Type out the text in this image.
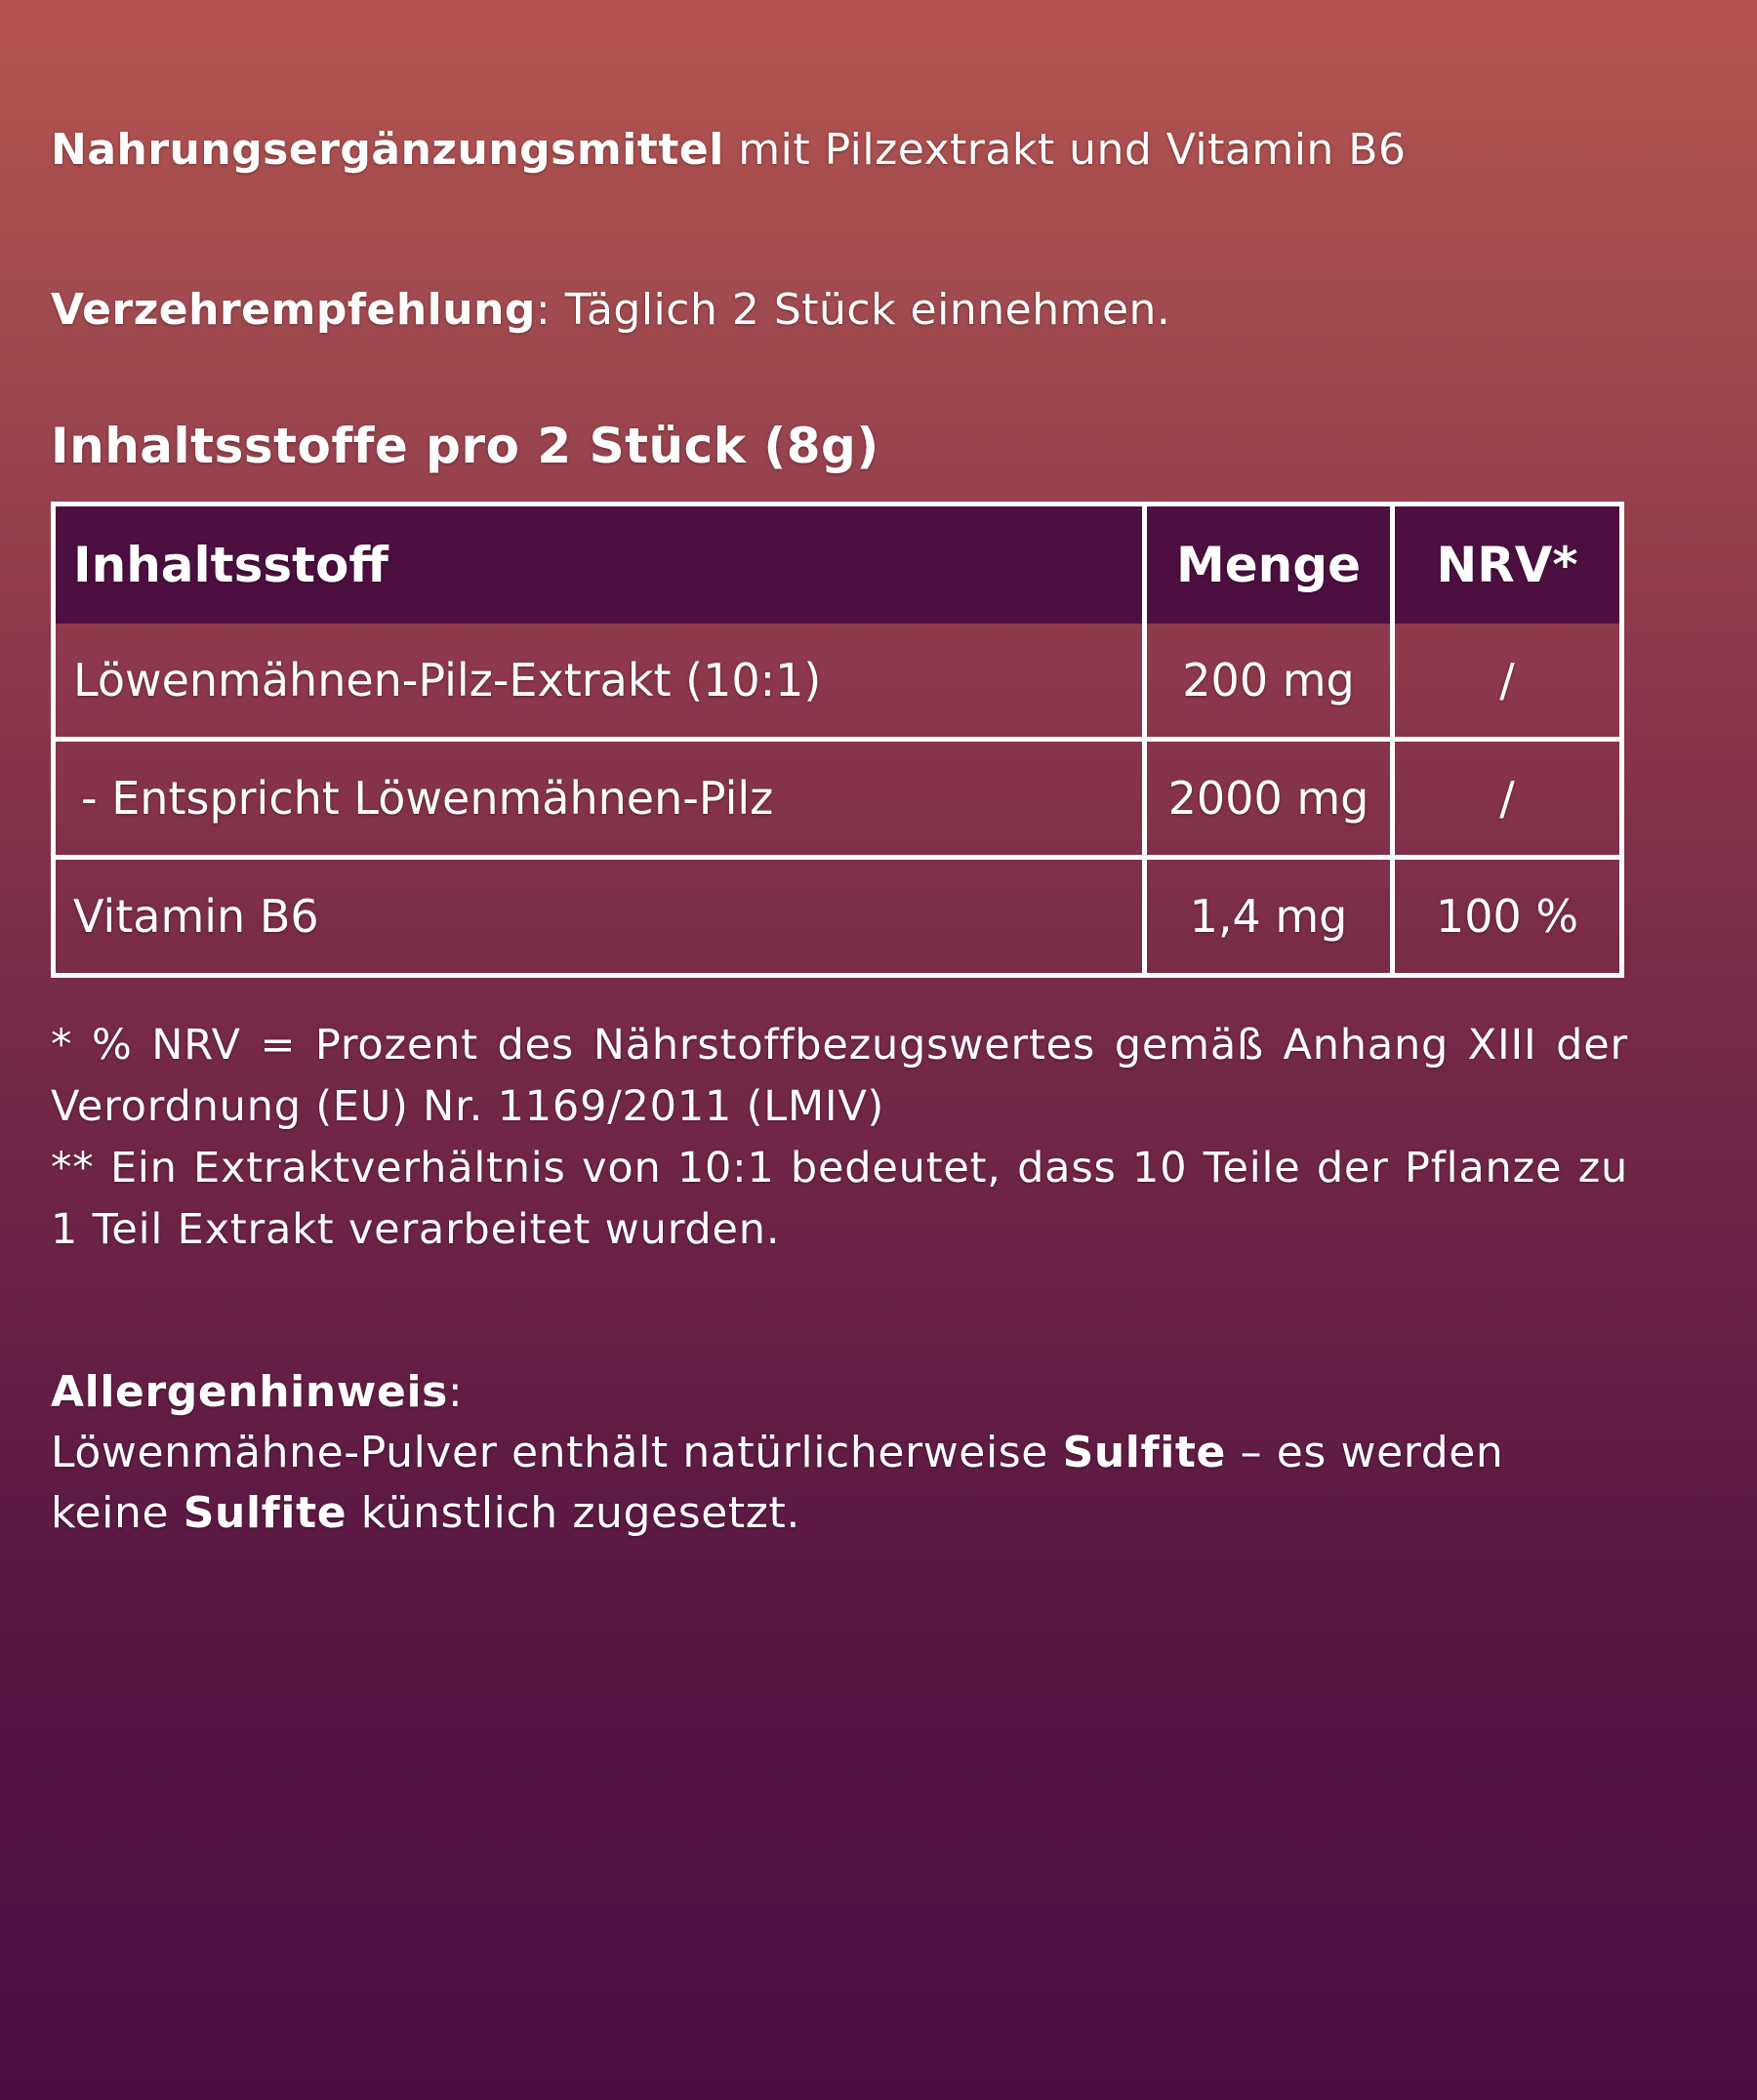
Nahrungsergänzungsmittel mit Pilzextrakt und Vitamin B6
Verzehrempfehlung: Täglich 2 Stück einnehmen.
Inhaltsstoffe pro 2 Stück (8g)
Inhaltsstoff	Menge	NRV*
Löwenmähnen-Pilz-Extrakt (10:1)	200 mg	/
- Entspricht Löwenmähnen-Pilz	2000 mg	/
Vitamin B6	1,4 mg	100 %

* % NRV = Prozent des Nährstoffbezugswertes gemäß Anhang XIII der Verordnung (EU) Nr. 1169/2011 (LMIV)

** Ein Extraktverhältnis von 10:1 bedeutet, dass 10 Teile der Pflanze zu 1 Teil Extrakt verarbeitet wurden.

Allergenhinweis:

Löwenmähne-Pulver enthält natürlicherweise Sulfite – es werden keine Sulfite künstlich zugesetzt.
